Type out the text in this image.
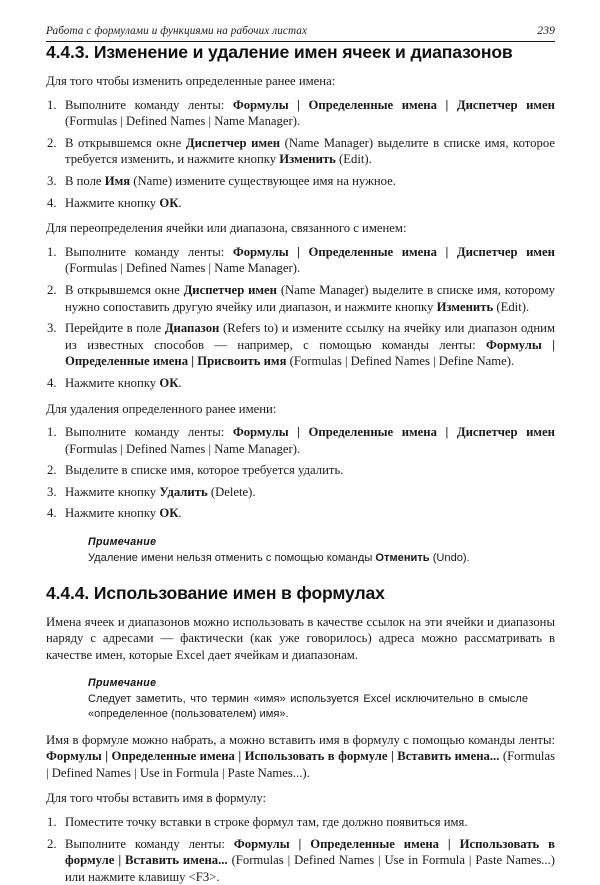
Работа с формулами и функциями на рабочих листах	239
4.4.3. Изменение и удаление имен ячеек и диапазонов

Для того чтобы изменить определенные ранее имена:

1. Выполните команду ленты: Формулы | Определенные имена | Диспетчер имен (Formulas | Defined Names | Name Manager).
2. В открывшемся окне Диспетчер имен (Name Manager) выделите в списке имя, которое требуется изменить, и нажмите кнопку Изменить (Edit).
3. В поле Имя (Name) измените существующее имя на нужное.
4. Нажмите кнопку ОК.

Для переопределения ячейки или диапазона, связанного с именем:

1. Выполните команду ленты: Формулы | Определенные имена | Диспетчер имен (Formulas | Defined Names | Name Manager).
2. В открывшемся окне Диспетчер имен (Name Manager) выделите в списке имя, которому нужно сопоставить другую ячейку или диапазон, и нажмите кнопку Изменить (Edit).
3. Перейдите в поле Диапазон (Refers to) и измените ссылку на ячейку или диапазон одним из известных способов — например, с помощью команды ленты: Формулы | Определенные имена | Присвоить имя (Formulas | Defined Names | Define Name).
4. Нажмите кнопку ОК.

Для удаления определенного ранее имени:

1. Выполните команду ленты: Формулы | Определенные имена | Диспетчер имен (Formulas | Defined Names | Name Manager).
2. Выделите в списке имя, которое требуется удалить.
3. Нажмите кнопку Удалить (Delete).
4. Нажмите кнопку ОК.
Примечание
Удаление имени нельзя отменить с помощью команды Отменить (Undo).
4.4.4. Использование имен в формулах

Имена ячеек и диапазонов можно использовать в качестве ссылок на эти ячейки и диапазоны наряду с адресами — фактически (как уже говорилось) адреса можно рассматривать в качестве имен, которые Excel дает ячейкам и диапазонам.

Примечание
Следует заметить, что термин «имя» используется Excel исключительно в смысле «определенное (пользователем) имя».

Имя в формуле можно набрать, а можно вставить имя в формулу с помощью команды ленты: Формулы | Определенные имена | Использовать в формуле | Вставить имена... (Formulas | Defined Names | Use in Formula | Paste Names...).

Для того чтобы вставить имя в формулу:

1. Поместите точку вставки в строке формул там, где должно появиться имя.
2. Выполните команду ленты: Формулы | Определенные имена | Использовать в формуле | Вставить имена... (Formulas | Defined Names | Use in Formula | Paste Names...) или нажмите клавишу <F3>.
